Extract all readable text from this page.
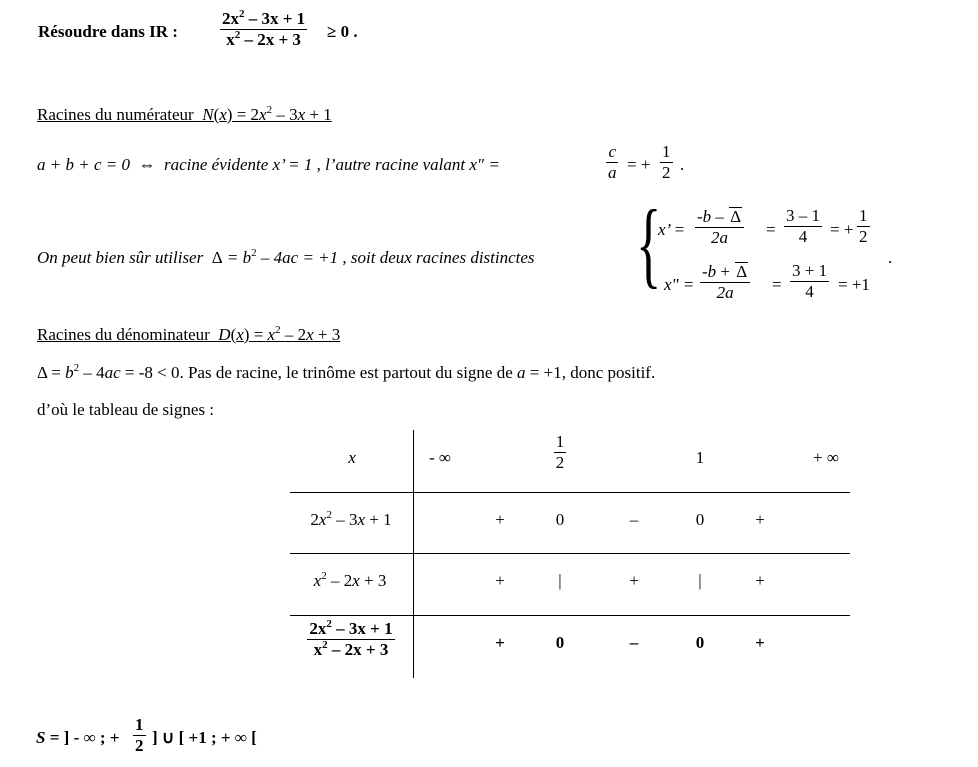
Résoudre dans IR : $\frac{2x^2 - 3x + 1}{x^2 - 2x + 3} \ge 0$ .
Racines du numérateur $N(x) = 2x^2 - 3x + 1$
a + b + c = 0 ⇔ racine évidente x’ = 1 , l’autre racine valant x" =	$\frac{c}{a}$ = + $\frac{1}{2}$ .
On peut bien sûr utiliser  $\Delta = b^2 - 4ac = +1$ , soit deux racines distinctes {
x’ = $\frac{-b - \Delta}{2a} = \frac{3 - 1}{4}$ = + $\frac{1}{2}$
x" = $\frac{-b + \Delta}{2a} = \frac{3 + 1}{4} = +1$
.
Racines du dénominateur $D(x) = x^2 - 2x + 3$
$\Delta = b^2 - 4ac = -8 < 0$. Pas de racine, le trinôme est partout du signe de a = +1, donc positif.
d’où le tableau de signes :
x	- ∞	$\frac{1}{2}$	1	+ ∞
$2x^2 - 3x + 1$	+	0	–	0	+
$x^2 - 2x + 3$	+	|	+	|	+
$\frac{2x^2 - 3x + 1}{x^2 - 2x + 3}$	+	0	–	0	+
S = ] - ∞ ; + $\frac{1}{2}$ ] ∪ [ +1 ; + ∞ [
